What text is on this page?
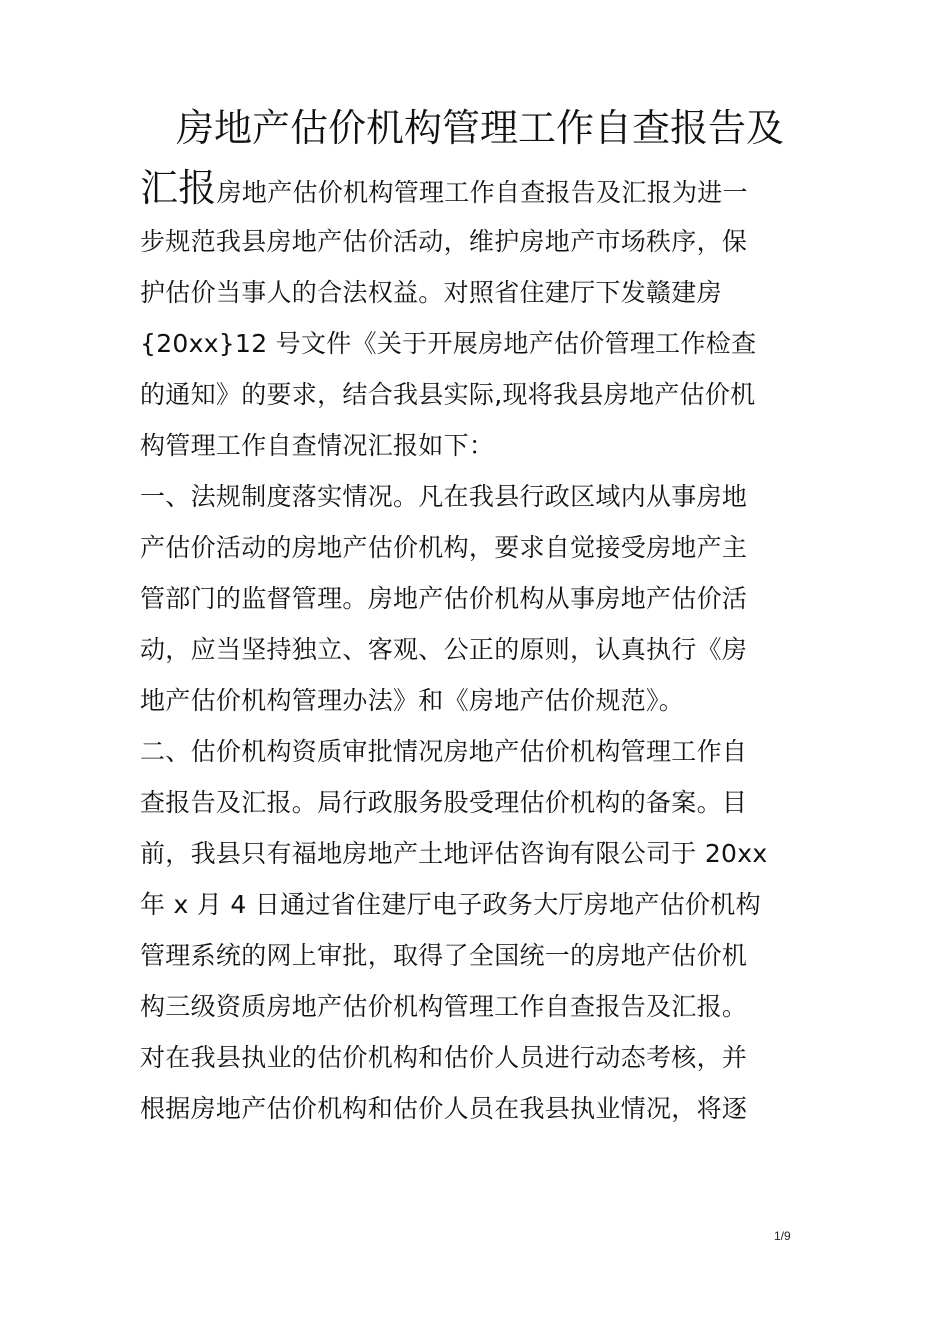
房地产估价机构管理工作自查报告及
汇报房地产估价机构管理工作自查报告及汇报为进一
步规范我县房地产估价活动，维护房地产市场秩序，保
护估价当事人的合法权益。对照省住建厅下发赣建房
{20xx}12 号文件《关于开展房地产估价管理工作检查
的通知》的要求，结合我县实际,现将我县房地产估价机
构管理工作自查情况汇报如下：
一、法规制度落实情况。凡在我县行政区域内从事房地
产估价活动的房地产估价机构，要求自觉接受房地产主
管部门的监督管理。房地产估价机构从事房地产估价活
动，应当坚持独立、客观、公正的原则，认真执行《房
地产估价机构管理办法》和《房地产估价规范》。
二、估价机构资质审批情况房地产估价机构管理工作自
查报告及汇报。局行政服务股受理估价机构的备案。目
前，我县只有福地房地产土地评估咨询有限公司于 20xx
年 x 月 4 日通过省住建厅电子政务大厅房地产估价机构
管理系统的网上审批，取得了全国统一的房地产估价机
构三级资质房地产估价机构管理工作自查报告及汇报。
对在我县执业的估价机构和估价人员进行动态考核，并
根据房地产估价机构和估价人员在我县执业情况，将逐
1/9
